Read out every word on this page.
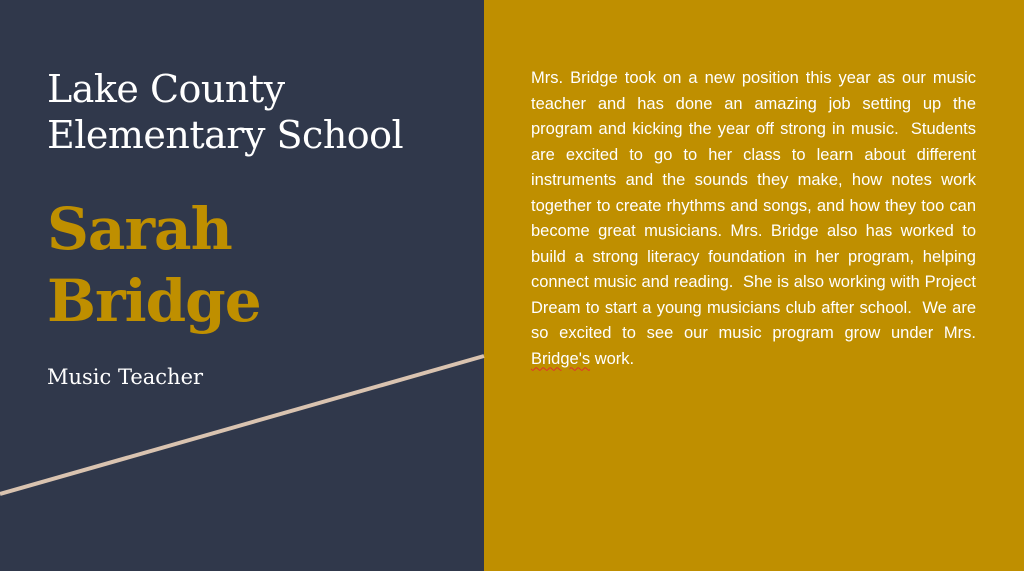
Lake County
Elementary School
Sarah
Bridge

Music Teacher

Mrs. Bridge took on a new position this year as our music teacher and has done an amazing job setting up the program and kicking the year off strong in music.  Students are excited to go to her class to learn about different instruments and the sounds they make, how notes work together to create rhythms and songs, and how they too can become great musicians. Mrs. Bridge also has worked to build a strong literacy foundation in her program, helping connect music and reading.  She is also working with Project Dream to start a young musicians club after school.  We are so excited to see our music program grow under Mrs. Bridge's work.
